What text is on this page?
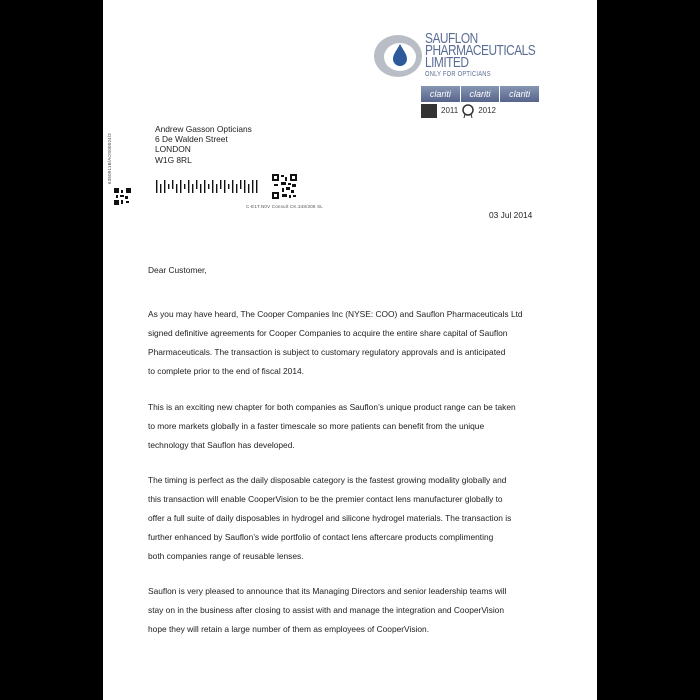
SAUFLON
PHARMACEUTICALS
LIMITED
ONLY FOR OPTICIANS
clariti	clariti	clariti
2011	2012
Andrew Gasson Opticians
6 De Walden Street
LONDON
W1G 8RL
6350911B/AOS00024/2
C-E1T.N0V Consult CK.348/308 SL
03 Jul 2014
Dear Customer,
As you may have heard, The Cooper Companies Inc (NYSE: COO) and Sauflon Pharmaceuticals Ltd
signed definitive agreements for Cooper Companies to acquire the entire share capital of Sauflon
Pharmaceuticals. The transaction is subject to customary regulatory approvals and is anticipated
to complete prior to the end of fiscal 2014.
This is an exciting new chapter for both companies as Sauflon’s unique product range can be taken
to more markets globally in a faster timescale so more patients can benefit from the unique
technology that Sauflon has developed.
The timing is perfect as the daily disposable category is the fastest growing modality globally and
this transaction will enable CooperVision to be the premier contact lens manufacturer globally to
offer a full suite of daily disposables in hydrogel and silicone hydrogel materials. The transaction is
further enhanced by Sauflon’s wide portfolio of contact lens aftercare products complimenting
both companies range of reusable lenses.
Sauflon is very pleased to announce that its Managing Directors and senior leadership teams will
stay on in the business after closing to assist with and manage the integration and CooperVision
hope they will retain a large number of them as employees of CooperVision.
